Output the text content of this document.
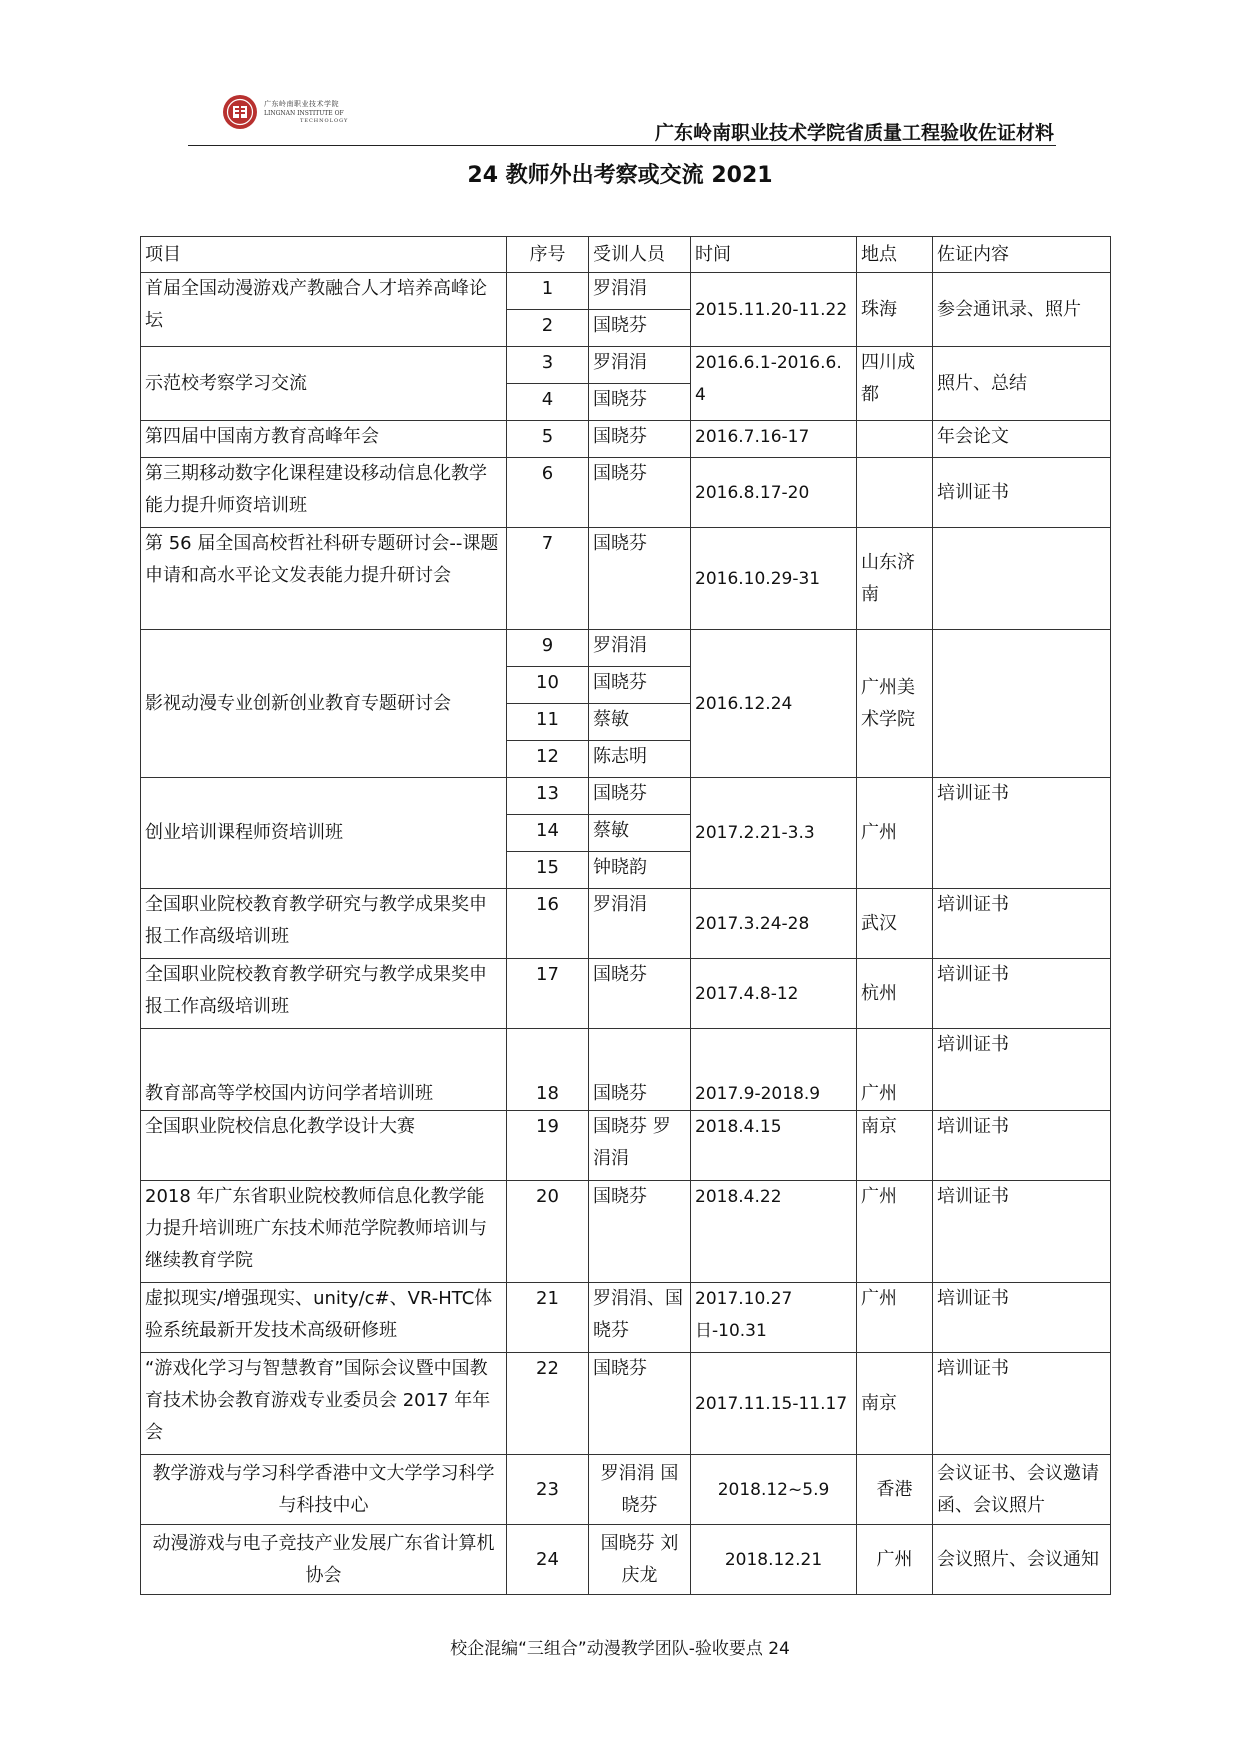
广东岭南职业技术学院
LINGNAN INSTITUTE OF
TECHNOLOGY
广东岭南职业技术学院省质量工程验收佐证材料
24 教师外出考察或交流 2021
项目	序号	受训人员	时间	地点	佐证内容
首届全国动漫游戏产教融合人才培养高峰论坛	1	罗涓涓	2015.11.20-11.22	珠海	参会通讯录、照片
	2	国晓芬			
示范校考察学习交流	3	罗涓涓	2016.6.1-2016.6.4	四川成都	照片、总结
	4	国晓芬			
第四届中国南方教育高峰年会	5	国晓芬	2016.7.16-17		年会论文
第三期移动数字化课程建设移动信息化教学能力提升师资培训班	6	国晓芬	2016.8.17-20		培训证书
第 56 届全国高校哲社科研专题研讨会--课题申请和高水平论文发表能力提升研讨会	7	国晓芬	2016.10.29-31	山东济南	
影视动漫专业创新创业教育专题研讨会	9	罗涓涓	2016.12.24	广州美术学院	
	10	国晓芬			
	11	蔡敏			
	12	陈志明			
创业培训课程师资培训班	13	国晓芬	2017.2.21-3.3	广州	培训证书
	14	蔡敏			
	15	钟晓韵			
全国职业院校教育教学研究与教学成果奖申报工作高级培训班	16	罗涓涓	2017.3.24-28	武汉	培训证书
全国职业院校教育教学研究与教学成果奖申报工作高级培训班	17	国晓芬	2017.4.8-12	杭州	培训证书
教育部高等学校国内访问学者培训班	18	国晓芬	2017.9-2018.9	广州	培训证书
全国职业院校信息化教学设计大赛	19	国晓芬 罗涓涓	2018.4.15	南京	培训证书
2018 年广东省职业院校教师信息化教学能力提升培训班广东技术师范学院教师培训与继续教育学院	20	国晓芬	2018.4.22	广州	培训证书
虚拟现实/增强现实、unity/c#、VR-HTC体验系统最新开发技术高级研修班	21	罗涓涓、国晓芬	2017.10.27 日-10.31	广州	培训证书
“游戏化学习与智慧教育”国际会议暨中国教育技术协会教育游戏专业委员会 2017 年年会	22	国晓芬	2017.11.15-11.17	南京	培训证书
教学游戏与学习科学香港中文大学学习科学与科技中心	23	罗涓涓 国晓芬	2018.12~5.9	香港	会议证书、会议邀请函、会议照片
动漫游戏与电子竞技产业发展广东省计算机协会	24	国晓芬 刘庆龙	2018.12.21	广州	会议照片、会议通知
校企混编“三组合”动漫教学团队-验收要点 24
